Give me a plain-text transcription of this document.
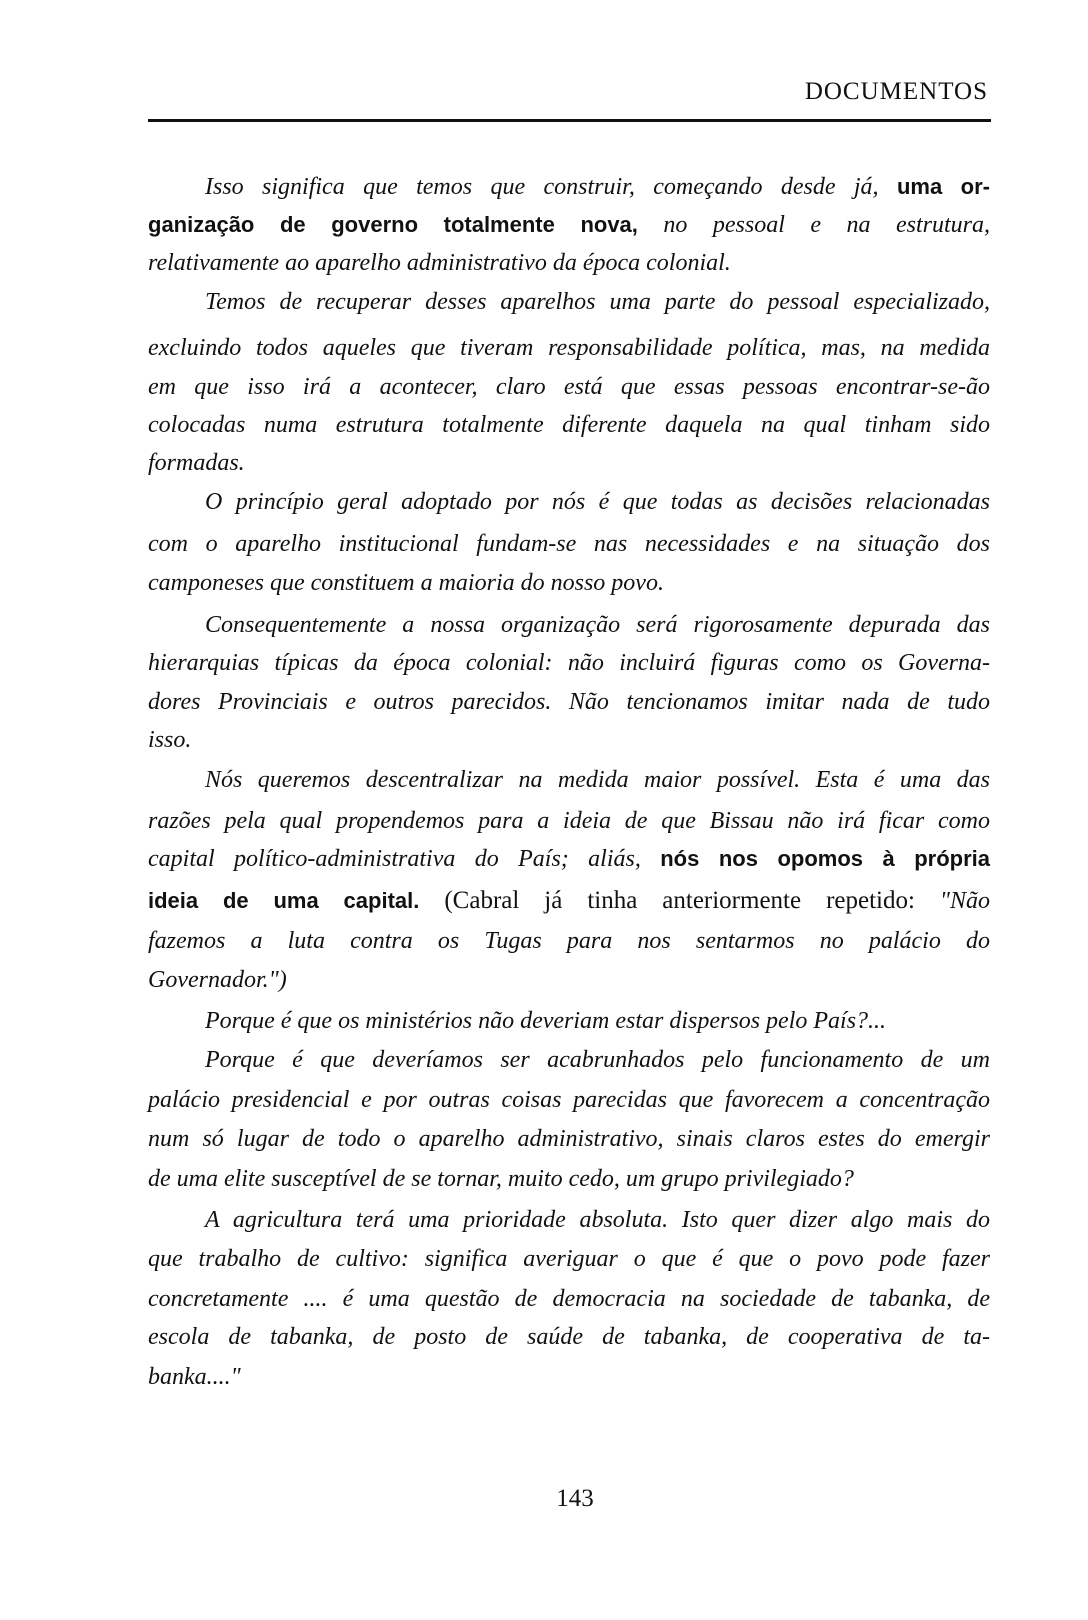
DOCUMENTOS
Isso significa que temos que construir, começando desde já, uma or-
ganização de governo totalmente nova, no pessoal e na estrutura,
relativamente ao aparelho administrativo da época colonial.
Temos de recuperar desses aparelhos uma parte do pessoal especializado,
excluindo todos aqueles que tiveram responsabilidade política, mas, na medida
em que isso irá a acontecer, claro está que essas pessoas encontrar-se-ão
colocadas numa estrutura totalmente diferente daquela na qual tinham sido
formadas.
O princípio geral adoptado por nós é que todas as decisões relacionadas
com o aparelho institucional fundam-se nas necessidades e na situação dos
camponeses que constituem a maioria do nosso povo.
Consequentemente a nossa organização será rigorosamente depurada das
hierarquias típicas da época colonial: não incluirá figuras como os Governa-
dores Provinciais e outros parecidos. Não tencionamos imitar nada de tudo
isso.
Nós queremos descentralizar na medida maior possível. Esta é uma das
razões pela qual propendemos para a ideia de que Bissau não irá ficar como
capital político-administrativa do País; aliás, nós nos opomos à própria
ideia de uma capital. (Cabral já tinha anteriormente repetido: "Não
fazemos a luta contra os Tugas para nos sentarmos no palácio do
Governador.")
Porque é que os ministérios não deveriam estar dispersos pelo País?...
Porque é que deveríamos ser acabrunhados pelo funcionamento de um
palácio presidencial e por outras coisas parecidas que favorecem a concentração
num só lugar de todo o aparelho administrativo, sinais claros estes do emergir
de uma elite susceptível de se tornar, muito cedo, um grupo privilegiado?
A agricultura terá uma prioridade absoluta. Isto quer dizer algo mais do
que trabalho de cultivo: significa averiguar o que é que o povo pode fazer
concretamente .... é uma questão de democracia na sociedade de tabanka, de
escola de tabanka, de posto de saúde de tabanka, de cooperativa de ta-
banka...."
143
